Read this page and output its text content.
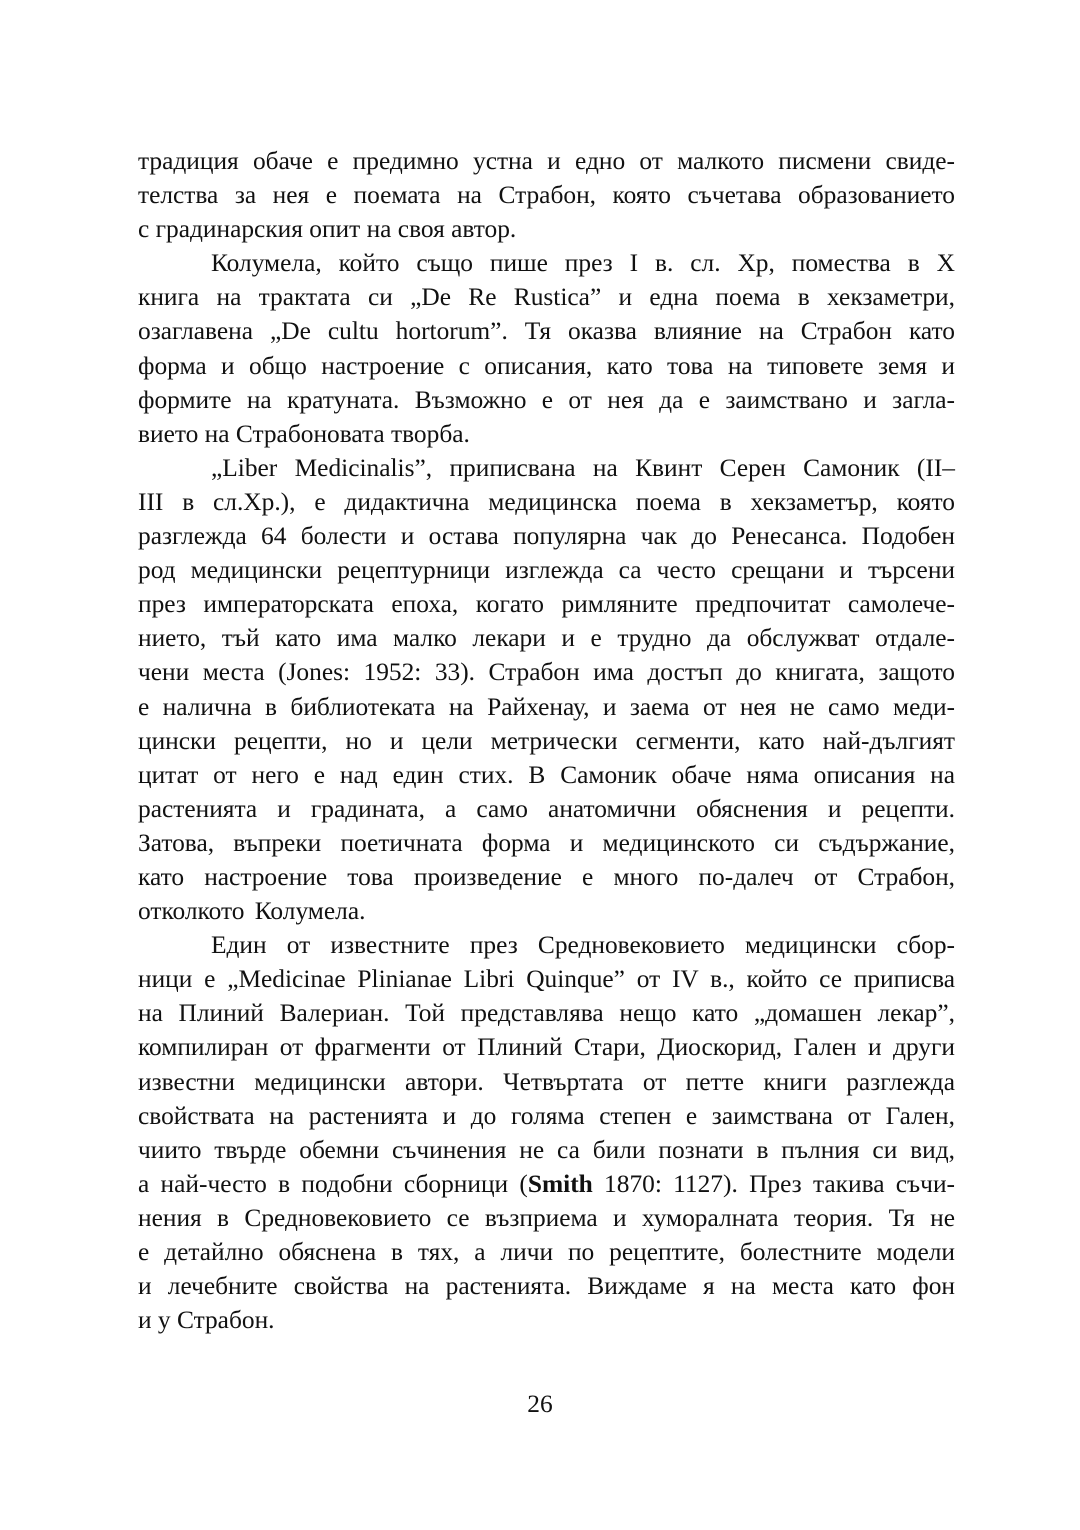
традиция обаче е предимно устна и едно от малкото писмени свиде-
телства за нея е поемата на Страбон, която съчетава образованието
с градинарския опит на своя автор.
Колумела, който също пише през I в. сл. Хр, помества в X
книга на трактата си „De Re Rustica” и една поема в хекзаметри,
озаглавена „De cultu hortorum”. Тя оказва влияние на Страбон като
форма и общо настроение с описания, като това на типовете земя и
формите на кратуната. Възможно е от нея да е заимствано и загла-
вието на Страбоновата творба.
„Liber Medicinalis”, приписвана на Квинт Серен Самоник (II–
III в сл.Хр.), е дидактична медицинска поема в хекзаметър, която
разглежда 64 болести и остава популярна чак до Ренесанса. Подобен
род медицински рецептурници изглежда са често срещани и търсени
през императорската епоха, когато римляните предпочитат самолече-
нието, тъй като има малко лекари и е трудно да обслужват отдале-
чени места (Jones: 1952: 33). Страбон има достъп до книгата, защото
е налична в библиотеката на Райхенау, и заема от нея не само меди-
цински рецепти, но и цели метрически сегменти, като най-дългият
цитат от него е над един стих. В Самоник обаче няма описания на
растенията и градината, а само анатомични обяснения и рецепти.
Затова, въпреки поетичната форма и медицинското си съдържание,
като настроение това произведение е много по-далеч от Страбон,
отколкото Колумела.
Един от известните през Средновековието медицински сбор-
ници е „Medicinae Plinianae Libri Quinque” от IV в., който се приписва
на Плиний Валериан. Той представлява нещо като „домашен лекар”,
компилиран от фрагменти от Плиний Стари, Диоскорид, Гален и други
известни медицински автори. Четвъртата от петте книги разглежда
свойствата на растенията и до голяма степен е заимствана от Гален,
чиито твърде обемни съчинения не са били познати в пълния си вид,
а най-често в подобни сборници (Smith 1870: 1127). През такива съчи-
нения в Средновековието се възприема и хуморалната теория. Тя не
е детайлно обяснена в тях, а личи по рецептите, болестните модели
и лечебните свойства на растенията. Виждаме я на места като фон
и у Страбон.
26
